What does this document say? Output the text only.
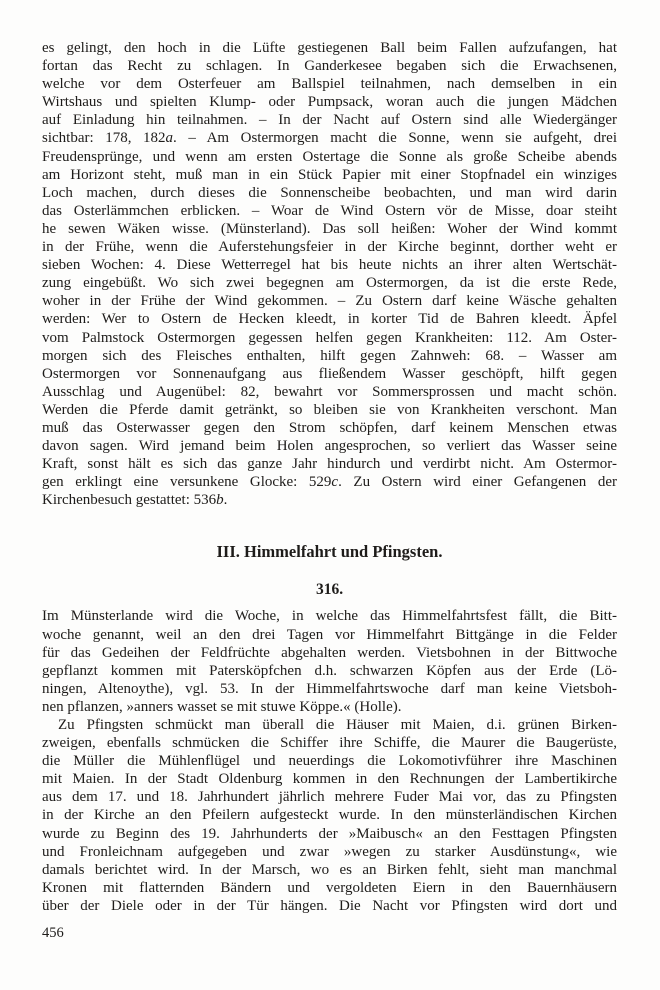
es gelingt, den hoch in die Lüfte gestiegenen Ball beim Fallen aufzufangen, hat
fortan das Recht zu schlagen. In Ganderkesee begaben sich die Erwachsenen,
welche vor dem Osterfeuer am Ballspiel teilnahmen, nach demselben in ein
Wirtshaus und spielten Klump- oder Pumpsack, woran auch die jungen Mädchen
auf Einladung hin teilnahmen. – In der Nacht auf Ostern sind alle Wiedergänger
sichtbar: 178, 182a. – Am Ostermorgen macht die Sonne, wenn sie aufgeht, drei
Freudensprünge, und wenn am ersten Ostertage die Sonne als große Scheibe abends
am Horizont steht, muß man in ein Stück Papier mit einer Stopfnadel ein winziges
Loch machen, durch dieses die Sonnenscheibe beobachten, und man wird darin
das Osterlämmchen erblicken. – Woar de Wind Ostern vör de Misse, doar steiht
he sewen Wäken wisse. (Münsterland). Das soll heißen: Woher der Wind kommt
in der Frühe, wenn die Auferstehungsfeier in der Kirche beginnt, dorther weht er
sieben Wochen: 4. Diese Wetterregel hat bis heute nichts an ihrer alten Wertschät-
zung eingebüßt. Wo sich zwei begegnen am Ostermorgen, da ist die erste Rede,
woher in der Frühe der Wind gekommen. – Zu Ostern darf keine Wäsche gehalten
werden: Wer to Ostern de Hecken kleedt, in korter Tid de Bahren kleedt. Äpfel
vom Palmstock Ostermorgen gegessen helfen gegen Krankheiten: 112. Am Oster-
morgen sich des Fleisches enthalten, hilft gegen Zahnweh: 68. – Wasser am
Ostermorgen vor Sonnenaufgang aus fließendem Wasser geschöpft, hilft gegen
Ausschlag und Augenübel: 82, bewahrt vor Sommersprossen und macht schön.
Werden die Pferde damit getränkt, so bleiben sie von Krankheiten verschont. Man
muß das Osterwasser gegen den Strom schöpfen, darf keinem Menschen etwas
davon sagen. Wird jemand beim Holen angesprochen, so verliert das Wasser seine
Kraft, sonst hält es sich das ganze Jahr hindurch und verdirbt nicht. Am Ostermor-
gen erklingt eine versunkene Glocke: 529c. Zu Ostern wird einer Gefangenen der
Kirchenbesuch gestattet: 536b.
III. Himmelfahrt und Pfingsten.
316.
Im Münsterlande wird die Woche, in welche das Himmelfahrtsfest fällt, die Bitt-
woche genannt, weil an den drei Tagen vor Himmelfahrt Bittgänge in die Felder
für das Gedeihen der Feldfrüchte abgehalten werden. Vietsbohnen in der Bittwoche
gepflanzt kommen mit Patersköpfchen d.h. schwarzen Köpfen aus der Erde (Lö-
ningen, Altenoythe), vgl. 53. In der Himmelfahrtswoche darf man keine Vietsboh-
nen pflanzen, »anners wasset se mit stuwe Köppe.« (Holle).
Zu Pfingsten schmückt man überall die Häuser mit Maien, d.i. grünen Birken-
zweigen, ebenfalls schmücken die Schiffer ihre Schiffe, die Maurer die Baugerüste,
die Müller die Mühlenflügel und neuerdings die Lokomotivführer ihre Maschinen
mit Maien. In der Stadt Oldenburg kommen in den Rechnungen der Lambertikirche
aus dem 17. und 18. Jahrhundert jährlich mehrere Fuder Mai vor, das zu Pfingsten
in der Kirche an den Pfeilern aufgesteckt wurde. In den münsterländischen Kirchen
wurde zu Beginn des 19. Jahrhunderts der »Maibusch« an den Festtagen Pfingsten
und Fronleichnam aufgegeben und zwar »wegen zu starker Ausdünstung«, wie
damals berichtet wird. In der Marsch, wo es an Birken fehlt, sieht man manchmal
Kronen mit flatternden Bändern und vergoldeten Eiern in den Bauernhäusern
über der Diele oder in der Tür hängen. Die Nacht vor Pfingsten wird dort und
456
